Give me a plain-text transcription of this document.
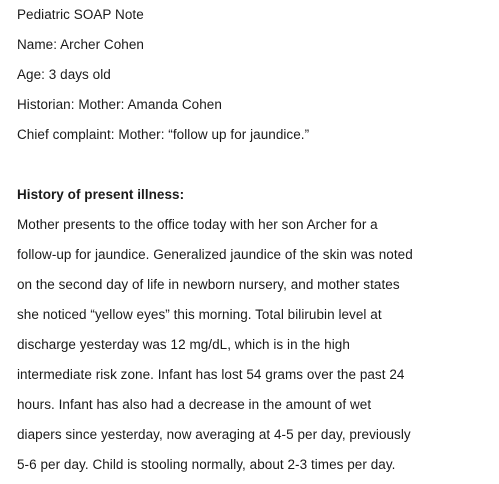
Pediatric SOAP Note
Name: Archer Cohen
Age: 3 days old
Historian: Mother: Amanda Cohen
Chief complaint: Mother: “follow up for jaundice.”
History of present illness:
Mother presents to the office today with her son Archer for a
follow-up for jaundice. Generalized jaundice of the skin was noted
on the second day of life in newborn nursery, and mother states
she noticed “yellow eyes” this morning. Total bilirubin level at
discharge yesterday was 12 mg/dL, which is in the high
intermediate risk zone. Infant has lost 54 grams over the past 24
hours. Infant has also had a decrease in the amount of wet
diapers since yesterday, now averaging at 4-5 per day, previously
5-6 per day. Child is stooling normally, about 2-3 times per day.
